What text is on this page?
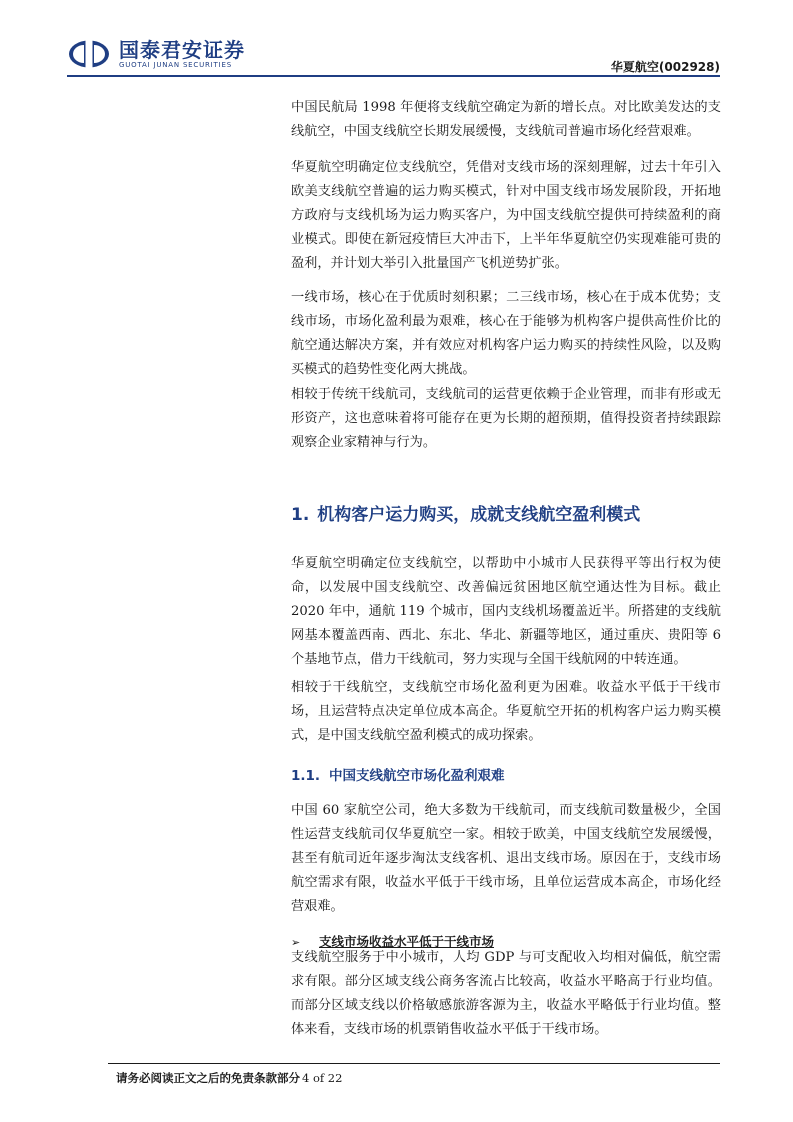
国泰君安证券
GUOTAI JUNAN SECURITIES	华夏航空(002928)

中国民航局 1998 年便将支线航空确定为新的增长点。对比欧美发达的支线航空，中国支线航空长期发展缓慢，支线航司普遍市场化经营艰难。

华夏航空明确定位支线航空，凭借对支线市场的深刻理解，过去十年引入欧美支线航空普遍的运力购买模式，针对中国支线市场发展阶段，开拓地方政府与支线机场为运力购买客户，为中国支线航空提供可持续盈利的商业模式。即使在新冠疫情巨大冲击下，上半年华夏航空仍实现难能可贵的盈利，并计划大举引入批量国产飞机逆势扩张。

一线市场，核心在于优质时刻积累；二三线市场，核心在于成本优势；支线市场，市场化盈利最为艰难，核心在于能够为机构客户提供高性价比的航空通达解决方案，并有效应对机构客户运力购买的持续性风险，以及购买模式的趋势性变化两大挑战。

相较于传统干线航司，支线航司的运营更依赖于企业管理，而非有形或无形资产，这也意味着将可能存在更为长期的超预期，值得投资者持续跟踪观察企业家精神与行为。

1. 机构客户运力购买，成就支线航空盈利模式

华夏航空明确定位支线航空，以帮助中小城市人民获得平等出行权为使命，以发展中国支线航空、改善偏远贫困地区航空通达性为目标。截止 2020 年中，通航 119 个城市，国内支线机场覆盖近半。所搭建的支线航网基本覆盖西南、西北、东北、华北、新疆等地区，通过重庆、贵阳等 6 个基地节点，借力干线航司，努力实现与全国干线航网的中转连通。

相较于干线航空，支线航空市场化盈利更为困难。收益水平低于干线市场，且运营特点决定单位成本高企。华夏航空开拓的机构客户运力购买模式，是中国支线航空盈利模式的成功探索。

1.1. 中国支线航空市场化盈利艰难

中国 60 家航空公司，绝大多数为干线航司，而支线航司数量极少，全国性运营支线航司仅华夏航空一家。相较于欧美，中国支线航空发展缓慢，甚至有航司近年逐步淘汰支线客机、退出支线市场。原因在于，支线市场航空需求有限，收益水平低于干线市场，且单位运营成本高企，市场化经营艰难。

➢ 支线市场收益水平低于干线市场

支线航空服务于中小城市，人均 GDP 与可支配收入均相对偏低，航空需求有限。部分区域支线公商务客流占比较高，收益水平略高于行业均值。而部分区域支线以价格敏感旅游客源为主，收益水平略低于行业均值。整体来看，支线市场的机票销售收益水平低于干线市场。

请务必阅读正文之后的免责条款部分 4 of 22
